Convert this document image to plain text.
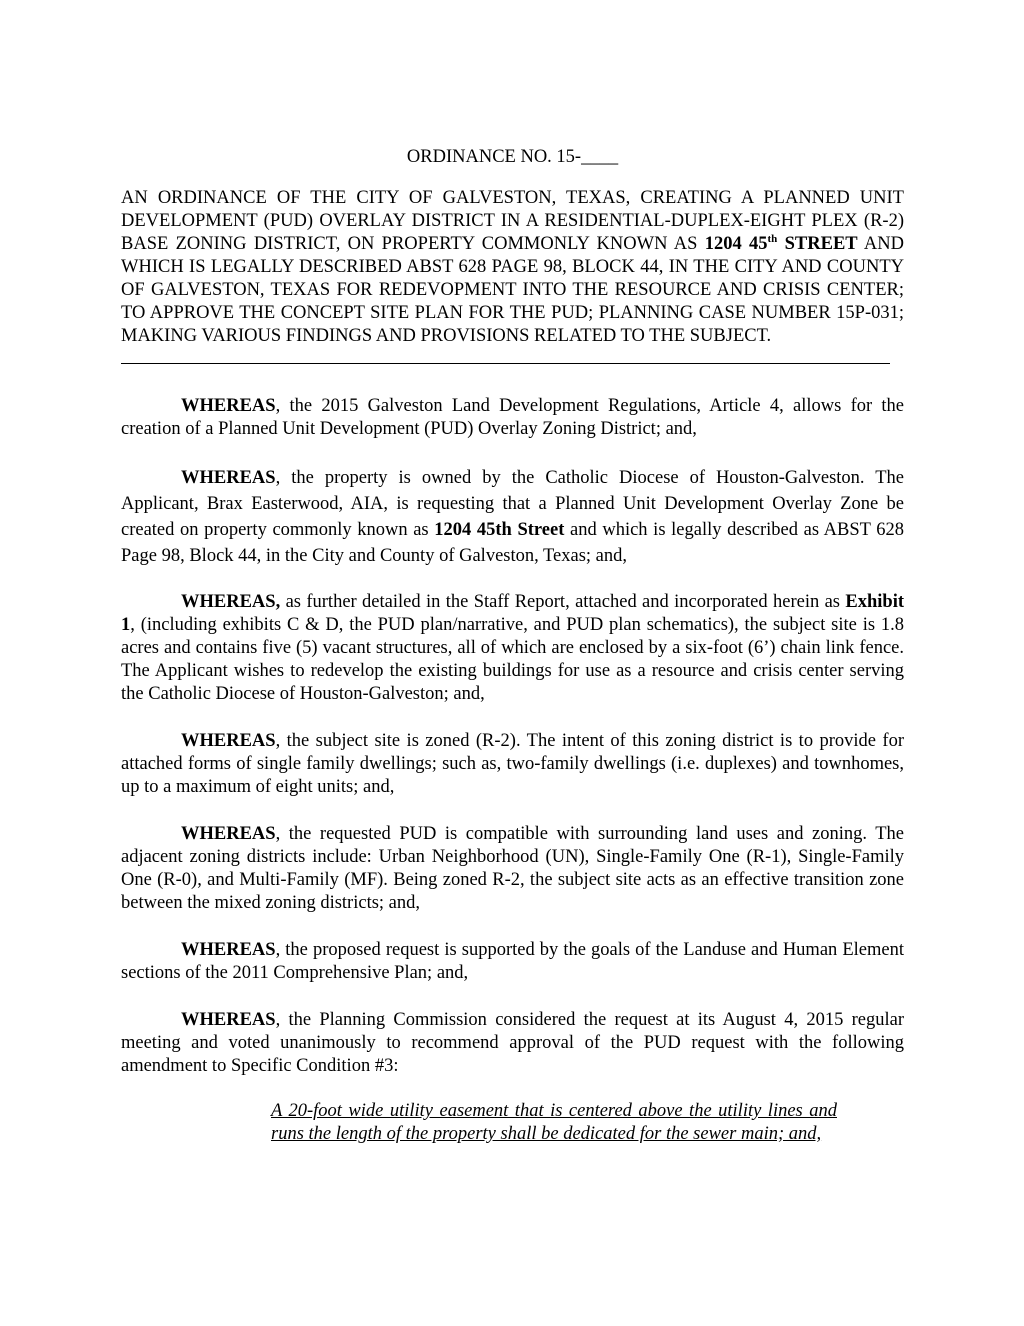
ORDINANCE NO. 15-____

AN ORDINANCE OF THE CITY OF GALVESTON, TEXAS, CREATING A PLANNED UNIT DEVELOPMENT (PUD) OVERLAY DISTRICT IN A RESIDENTIAL-DUPLEX-EIGHT PLEX (R-2) BASE ZONING DISTRICT, ON PROPERTY COMMONLY KNOWN AS 1204 45th STREET AND WHICH IS LEGALLY DESCRIBED ABST 628 PAGE 98, BLOCK 44, IN THE CITY AND COUNTY OF GALVESTON, TEXAS FOR REDEVOPMENT INTO THE RESOURCE AND CRISIS CENTER; TO APPROVE THE CONCEPT SITE PLAN FOR THE PUD; PLANNING CASE NUMBER 15P-031; MAKING VARIOUS FINDINGS AND PROVISIONS RELATED TO THE SUBJECT.

WHEREAS, the 2015 Galveston Land Development Regulations, Article 4, allows for the creation of a Planned Unit Development (PUD) Overlay Zoning District; and,

WHEREAS, the property is owned by the Catholic Diocese of Houston-Galveston. The Applicant, Brax Easterwood, AIA, is requesting that a Planned Unit Development Overlay Zone be created on property commonly known as 1204 45th Street and which is legally described as ABST 628 Page 98, Block 44, in the City and County of Galveston, Texas; and,

WHEREAS, as further detailed in the Staff Report, attached and incorporated herein as Exhibit 1, (including exhibits C & D, the PUD plan/narrative, and PUD plan schematics), the subject site is 1.8 acres and contains five (5) vacant structures, all of which are enclosed by a six-foot (6’) chain link fence. The Applicant wishes to redevelop the existing buildings for use as a resource and crisis center serving the Catholic Diocese of Houston-Galveston; and,

WHEREAS, the subject site is zoned (R-2). The intent of this zoning district is to provide for attached forms of single family dwellings; such as, two-family dwellings (i.e. duplexes) and townhomes, up to a maximum of eight units; and,

WHEREAS, the requested PUD is compatible with surrounding land uses and zoning. The adjacent zoning districts include: Urban Neighborhood (UN), Single-Family One (R-1), Single-Family One (R-0), and Multi-Family (MF). Being zoned R-2, the subject site acts as an effective transition zone between the mixed zoning districts; and,

WHEREAS, the proposed request is supported by the goals of the Landuse and Human Element sections of the 2011 Comprehensive Plan; and,

WHEREAS, the Planning Commission considered the request at its August 4, 2015 regular meeting and voted unanimously to recommend approval of the PUD request with the following amendment to Specific Condition #3:

A 20-foot wide utility easement that is centered above the utility lines and runs the length of the property shall be dedicated for the sewer main; and,
